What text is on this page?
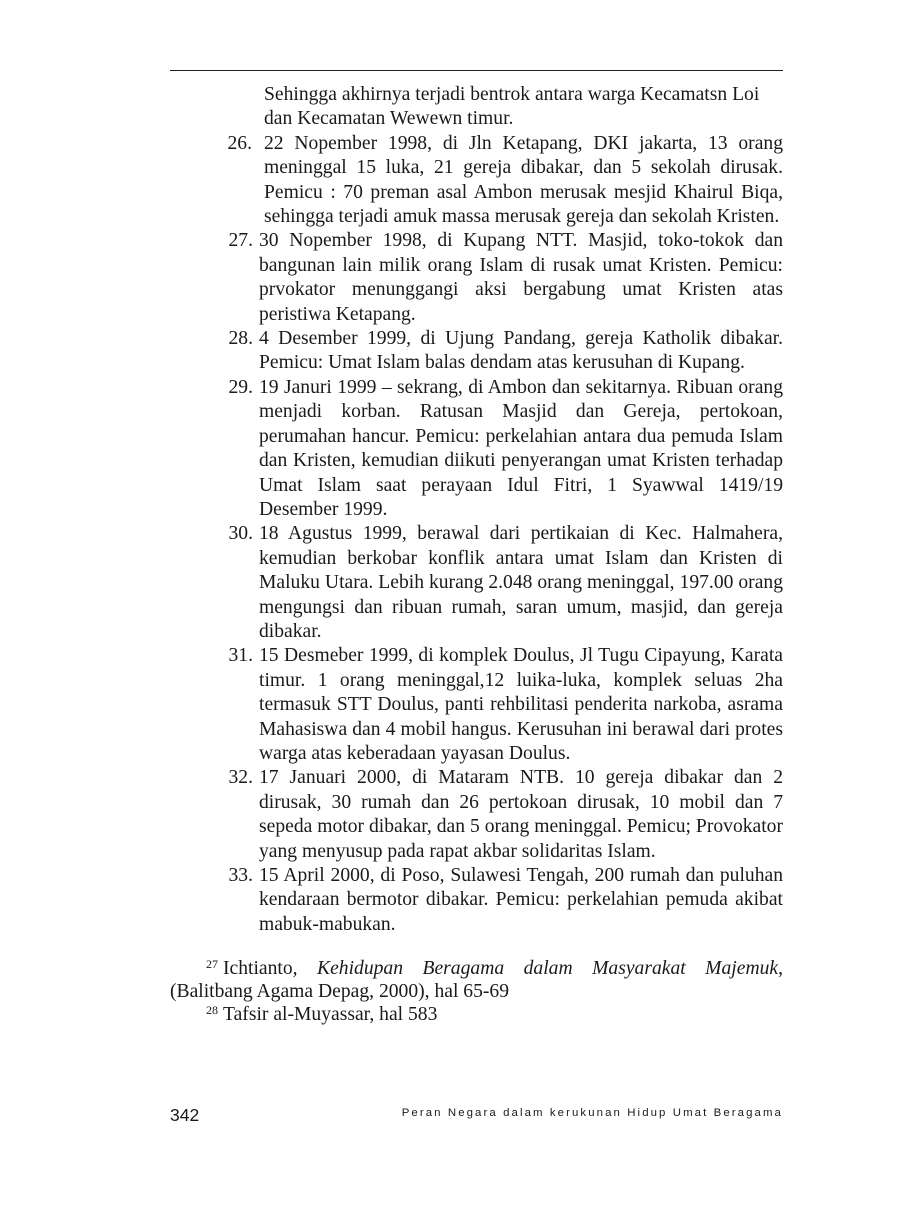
Sehingga akhirnya terjadi bentrok antara warga Kecamatsn Loi dan Kecamatan Wewewn timur.
26. 22 Nopember 1998, di Jln Ketapang, DKI jakarta, 13 orang meninggal 15 luka, 21 gereja dibakar, dan 5 sekolah dirusak. Pemicu : 70 preman asal Ambon merusak mesjid Khairul Biqa, sehingga terjadi amuk massa merusak gereja dan sekolah Kristen.
27. 30 Nopember 1998, di Kupang NTT. Masjid, toko-tokok dan bangunan lain milik orang Islam di rusak umat Kristen. Pemicu: prvokator menunggangi aksi bergabung umat Kristen atas peristiwa Ketapang.
28. 4 Desember 1999, di Ujung Pandang, gereja Katholik dibakar. Pemicu: Umat Islam balas dendam atas kerusuhan di Kupang.
29. 19 Januri 1999 – sekrang, di Ambon dan sekitarnya. Ribuan orang menjadi korban. Ratusan Masjid dan Gereja, pertokoan, perumahan hancur. Pemicu: perkelahian antara dua pemuda Islam dan Kristen, kemudian diikuti penyerangan umat Kristen terhadap Umat Islam saat perayaan Idul Fitri, 1 Syawwal 1419/19 Desember 1999.
30. 18 Agustus 1999, berawal dari pertikaian di Kec. Halmahera, kemudian berkobar konflik antara umat Islam dan Kristen di Maluku Utara. Lebih kurang 2.048 orang meninggal, 197.00 orang mengungsi dan ribuan rumah, saran umum, masjid, dan gereja dibakar.
31. 15 Desmeber 1999, di komplek Doulus, Jl Tugu Cipayung, Karata timur. 1 orang meninggal,12 luika-luka, komplek seluas 2ha termasuk STT Doulus, panti rehbilitasi penderita narkoba, asrama Mahasiswa dan 4 mobil hangus. Kerusuhan ini berawal dari protes warga atas keberadaan yayasan Doulus.
32. 17 Januari 2000, di Mataram NTB. 10 gereja dibakar dan 2 dirusak, 30 rumah dan 26 pertokoan dirusak, 10 mobil dan 7 sepeda motor dibakar, dan 5 orang meninggal. Pemicu; Provokator yang menyusup pada rapat akbar solidaritas Islam.
33. 15 April 2000, di Poso, Sulawesi Tengah, 200 rumah dan puluhan kendaraan bermotor dibakar. Pemicu: perkelahian pemuda akibat mabuk-mabukan.
$^{27}$ Ichtianto, Kehidupan Beragama dalam Masyarakat Majemuk, (Balitbang Agama Depag, 2000), hal 65-69
$^{28}$ Tafsir al-Muyassar, hal 583
342	Peran Negara dalam kerukunan Hidup Umat Beragama
